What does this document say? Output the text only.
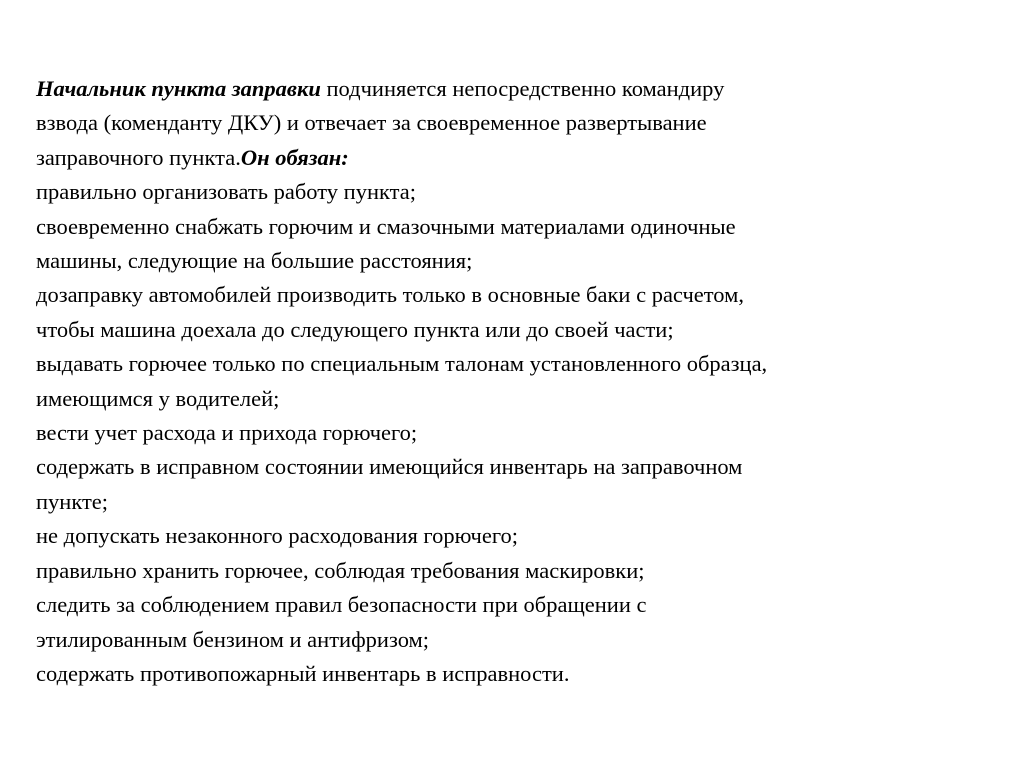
Начальник пункта заправки подчиняется непосредственно командиру
взвода (коменданту ДКУ) и отвечает за своевременное развертывание
заправочного пункта.Он обязан:
правильно организовать работу пункта;
своевременно снабжать горючим и смазочными материалами одиночные
машины, следующие на большие расстояния;
дозаправку автомобилей производить только в основные баки с расчетом,
чтобы машина доехала до следующего пункта или до своей части;
выдавать горючее только по специальным талонам установленного образца,
имеющимся у водителей;
вести учет расхода и прихода горючего;
содержать в исправном состоянии имеющийся инвентарь на заправочном
пункте;
не допускать незаконного расходования горючего;
правильно хранить горючее, соблюдая требования маскировки;
следить за соблюдением правил безопасности при обращении с
этилированным бензином и антифризом;
содержать противопожарный инвентарь в исправности.
